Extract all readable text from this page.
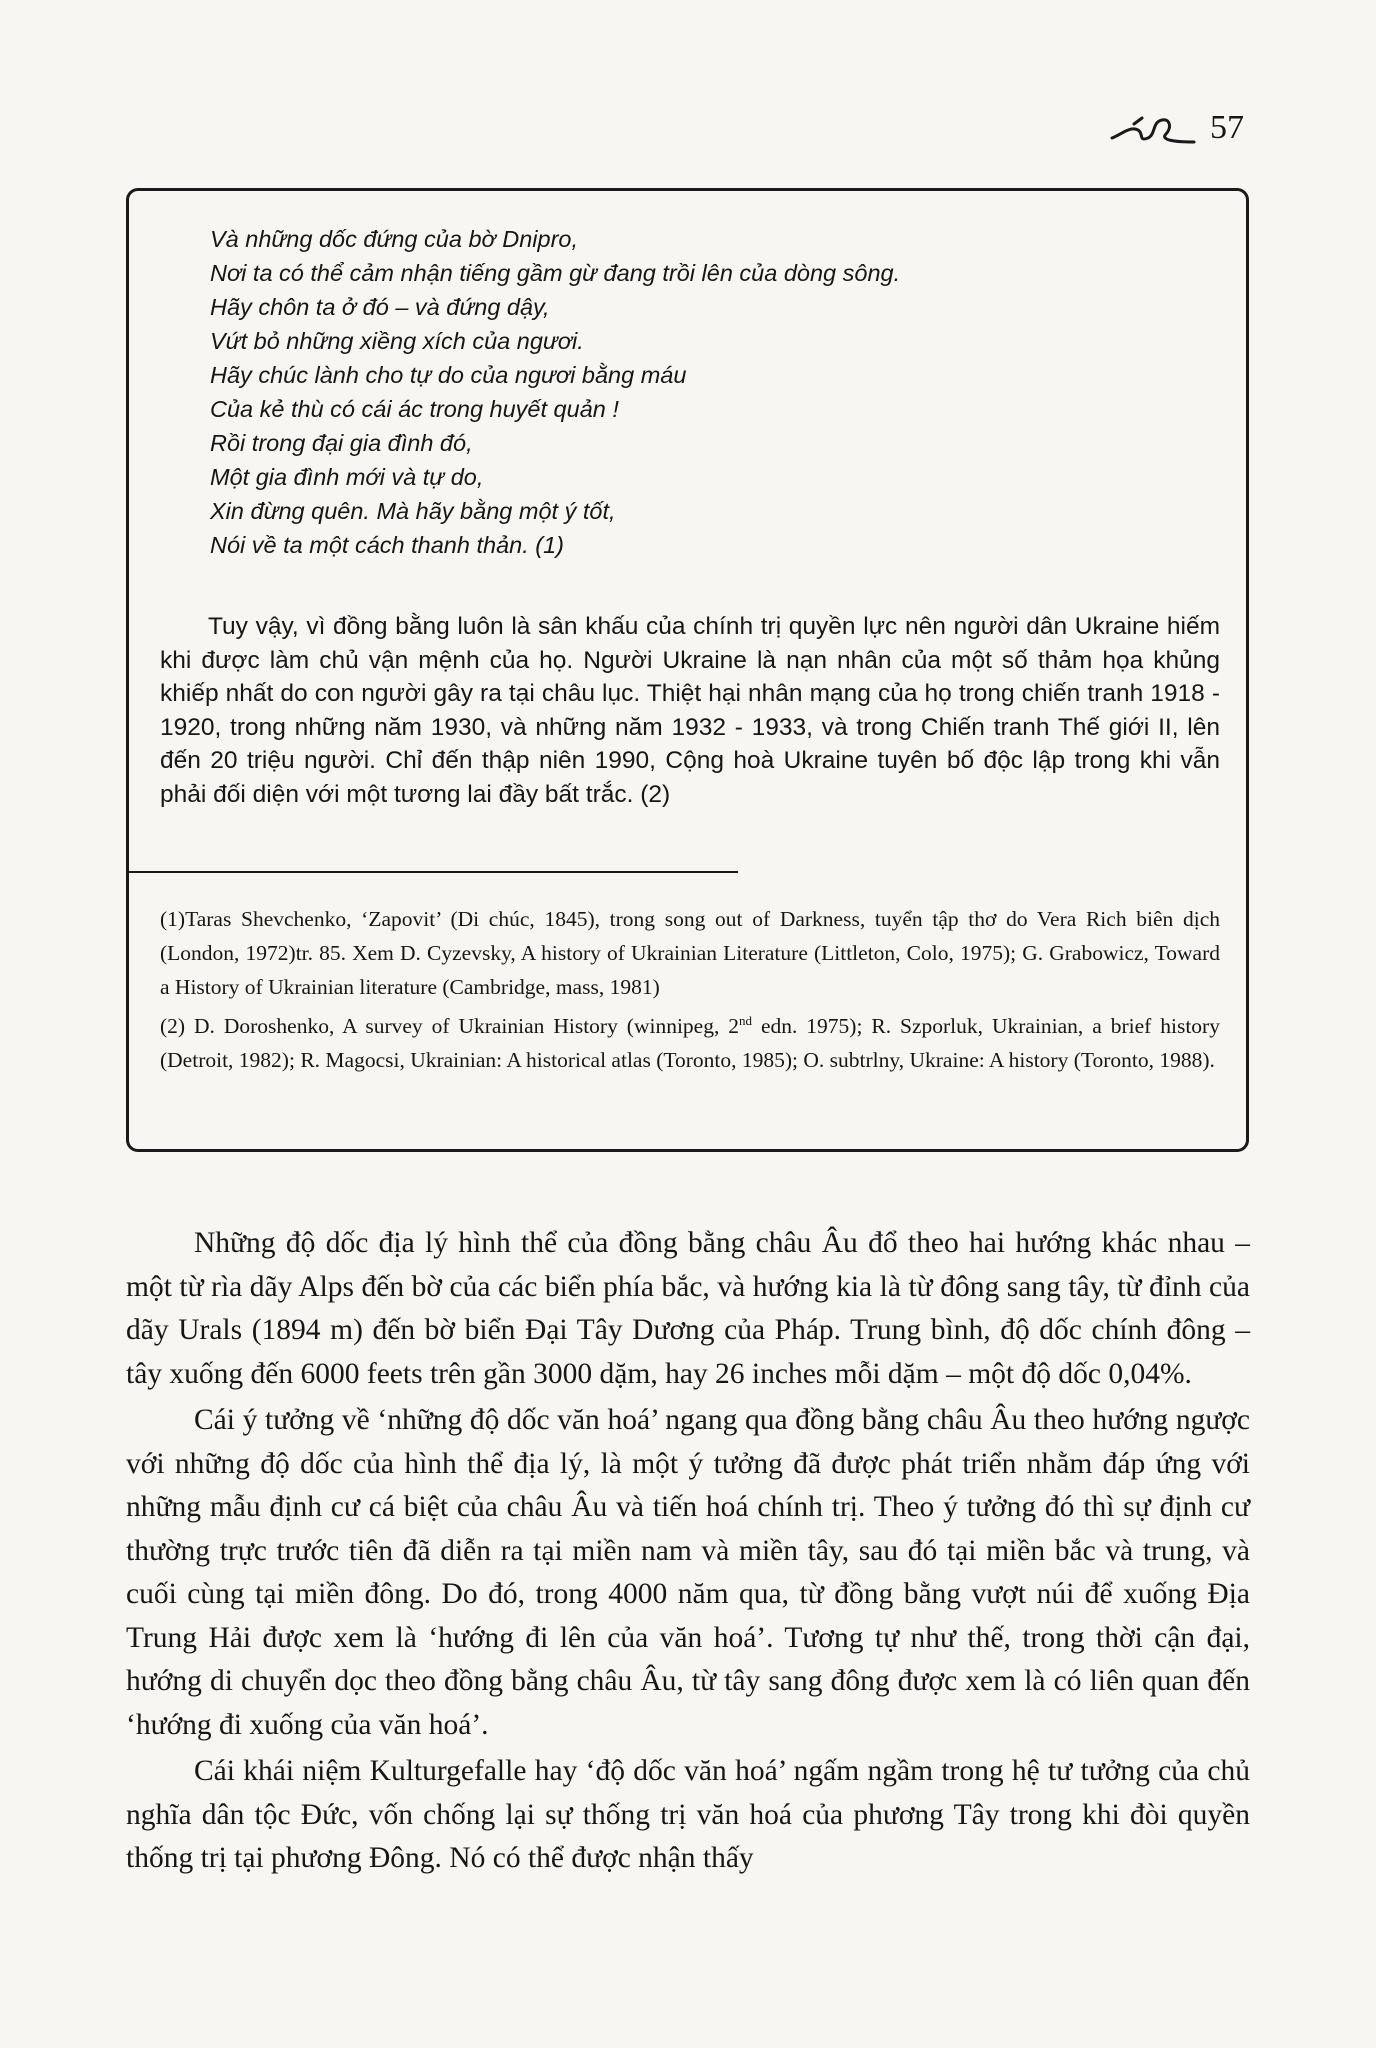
57
Và những dốc đứng của bờ Dnipro,
Nơi ta có thể cảm nhận tiếng gầm gừ đang trồi lên của dòng sông.
Hãy chôn ta ở đó – và đứng dậy,
Vứt bỏ những xiềng xích của ngươi.
Hãy chúc lành cho tự do của ngươi bằng máu
Của kẻ thù có cái ác trong huyết quản !
Rồi trong đại gia đình đó,
Một gia đình mới và tự do,
Xin đừng quên. Mà hãy bằng một ý tốt,
Nói về ta một cách thanh thản. (1)
Tuy vậy, vì đồng bằng luôn là sân khấu của chính trị quyền lực nên người dân Ukraine hiếm khi được làm chủ vận mệnh của họ. Người Ukraine là nạn nhân của một số thảm họa khủng khiếp nhất do con người gây ra tại châu lục. Thiệt hại nhân mạng của họ trong chiến tranh 1918 - 1920, trong những năm 1930, và những năm 1932 - 1933, và trong Chiến tranh Thế giới II, lên đến 20 triệu người. Chỉ đến thập niên 1990, Cộng hoà Ukraine tuyên bố độc lập trong khi vẫn phải đối diện với một tương lai đầy bất trắc. (2)
(1)Taras Shevchenko, ‘Zapovit’ (Di chúc, 1845), trong song out of Darkness, tuyển tập thơ do Vera Rich biên dịch (London, 1972)tr. 85. Xem D. Cyzevsky, A history of Ukrainian Literature (Littleton, Colo, 1975); G. Grabowicz, Toward a History of Ukrainian literature (Cambridge, mass, 1981)
(2) D. Doroshenko, A survey of Ukrainian History (winnipeg, 2nd edn. 1975); R. Szporluk, Ukrainian, a brief history (Detroit, 1982); R. Magocsi, Ukrainian: A historical atlas (Toronto, 1985); O. subtrlny, Ukraine: A history (Toronto, 1988).

Những độ dốc địa lý hình thể của đồng bằng châu Âu đổ theo hai hướng khác nhau – một từ rìa dãy Alps đến bờ của các biển phía bắc, và hướng kia là từ đông sang tây, từ đỉnh của dãy Urals (1894 m) đến bờ biển Đại Tây Dương của Pháp. Trung bình, độ dốc chính đông – tây xuống đến 6000 feets trên gần 3000 dặm, hay 26 inches mỗi dặm – một độ dốc 0,04%.

Cái ý tưởng về ‘những độ dốc văn hoá’ ngang qua đồng bằng châu Âu theo hướng ngược với những độ dốc của hình thể địa lý, là một ý tưởng đã được phát triển nhằm đáp ứng với những mẫu định cư cá biệt của châu Âu và tiến hoá chính trị. Theo ý tưởng đó thì sự định cư thường trực trước tiên đã diễn ra tại miền nam và miền tây, sau đó tại miền bắc và trung, và cuối cùng tại miền đông. Do đó, trong 4000 năm qua, từ đồng bằng vượt núi để xuống Địa Trung Hải được xem là ‘hướng đi lên của văn hoá’. Tương tự như thế, trong thời cận đại, hướng di chuyển dọc theo đồng bằng châu Âu, từ tây sang đông được xem là có liên quan đến ‘hướng đi xuống của văn hoá’.

Cái khái niệm Kulturgefalle hay ‘độ dốc văn hoá’ ngấm ngầm trong hệ tư tưởng của chủ nghĩa dân tộc Đức, vốn chống lại sự thống trị văn hoá của phương Tây trong khi đòi quyền thống trị tại phương Đông. Nó có thể được nhận thấy
